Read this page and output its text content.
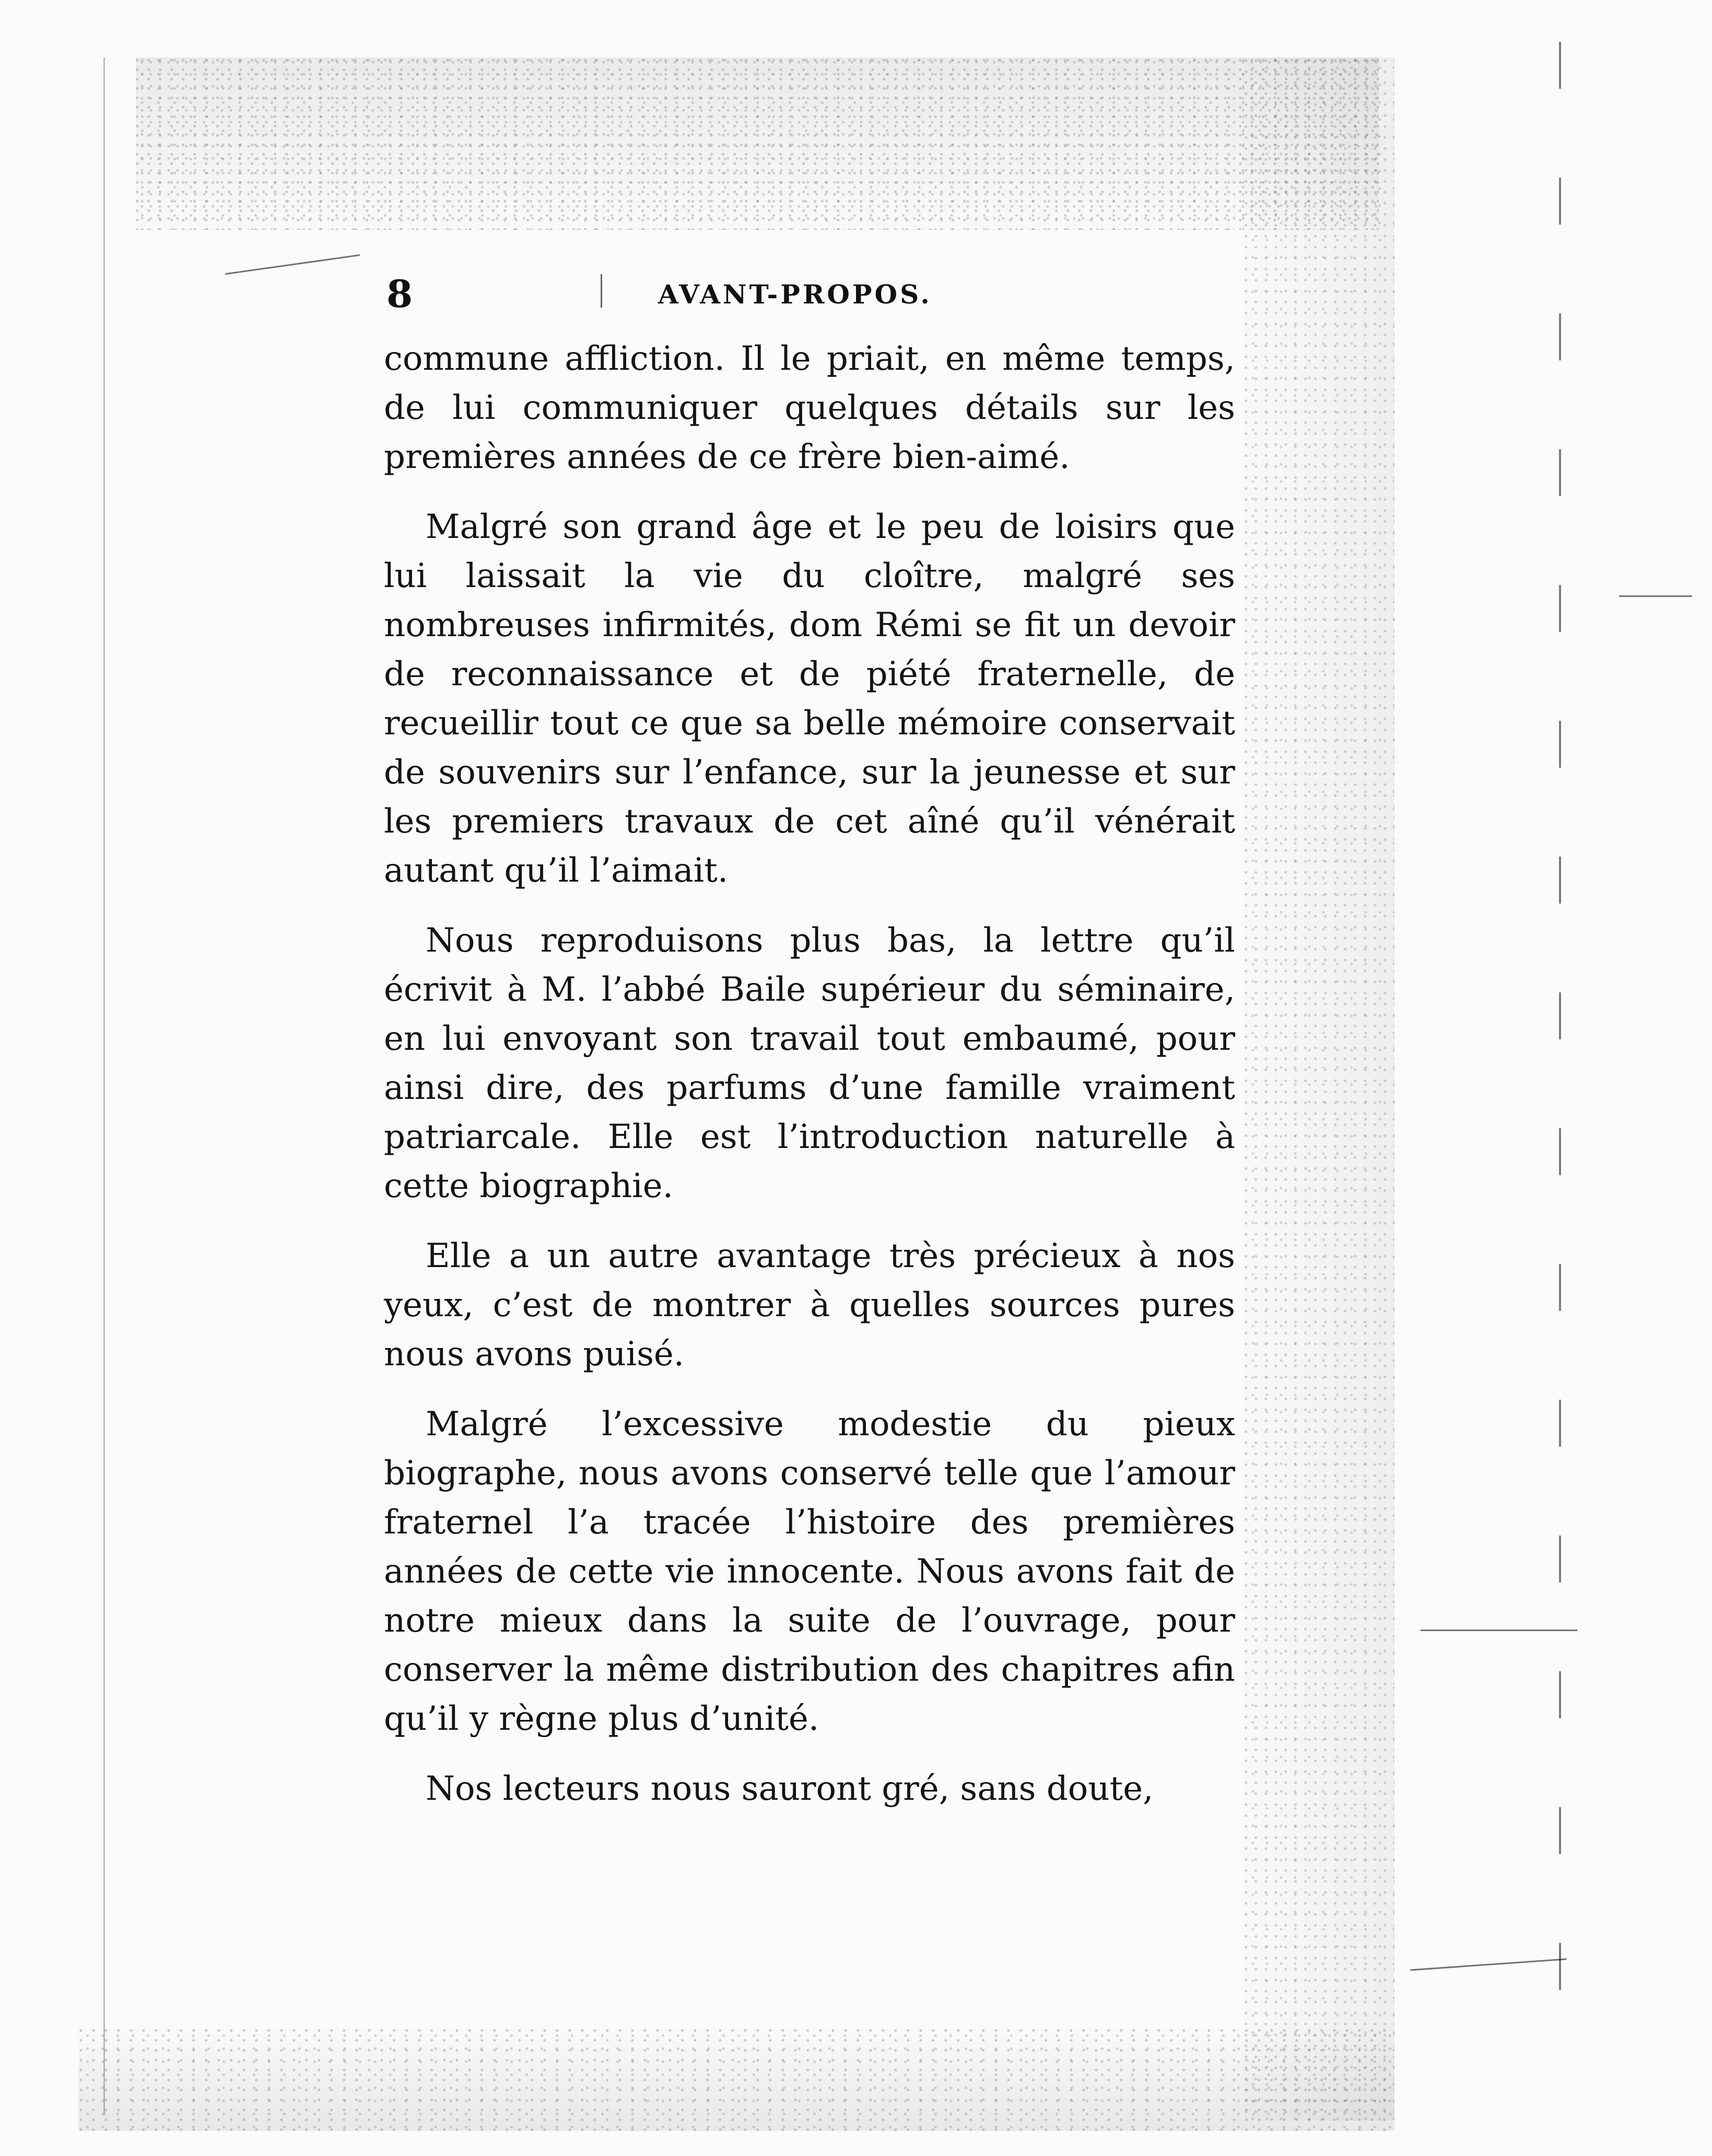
8	AVANT-PROPOS.

commune affliction. Il le priait, en même temps, de lui communiquer quelques détails sur les premières années de ce frère bien-aimé.

Malgré son grand âge et le peu de loisirs que lui laissait la vie du cloître, malgré ses nombreuses infirmités, dom Rémi se fit un devoir de reconnaissance et de piété fraternelle, de recueillir tout ce que sa belle mémoire conservait de souvenirs sur l’enfance, sur la jeunesse et sur les premiers travaux de cet aîné qu’il vénérait autant qu’il l’aimait.

Nous reproduisons plus bas, la lettre qu’il écrivit à M. l’abbé Baile supérieur du séminaire, en lui envoyant son travail tout embaumé, pour ainsi dire, des parfums d’une famille vraiment patriarcale. Elle est l’introduction naturelle à cette biographie.

Elle a un autre avantage très précieux à nos yeux, c’est de montrer à quelles sources pures nous avons puisé.

Malgré l’excessive modestie du pieux biographe, nous avons conservé telle que l’amour fraternel l’a tracée l’histoire des premières années de cette vie innocente. Nous avons fait de notre mieux dans la suite de l’ouvrage, pour conserver la même distribution des chapitres afin qu’il y règne plus d’unité.

Nos lecteurs nous sauront gré, sans doute,
